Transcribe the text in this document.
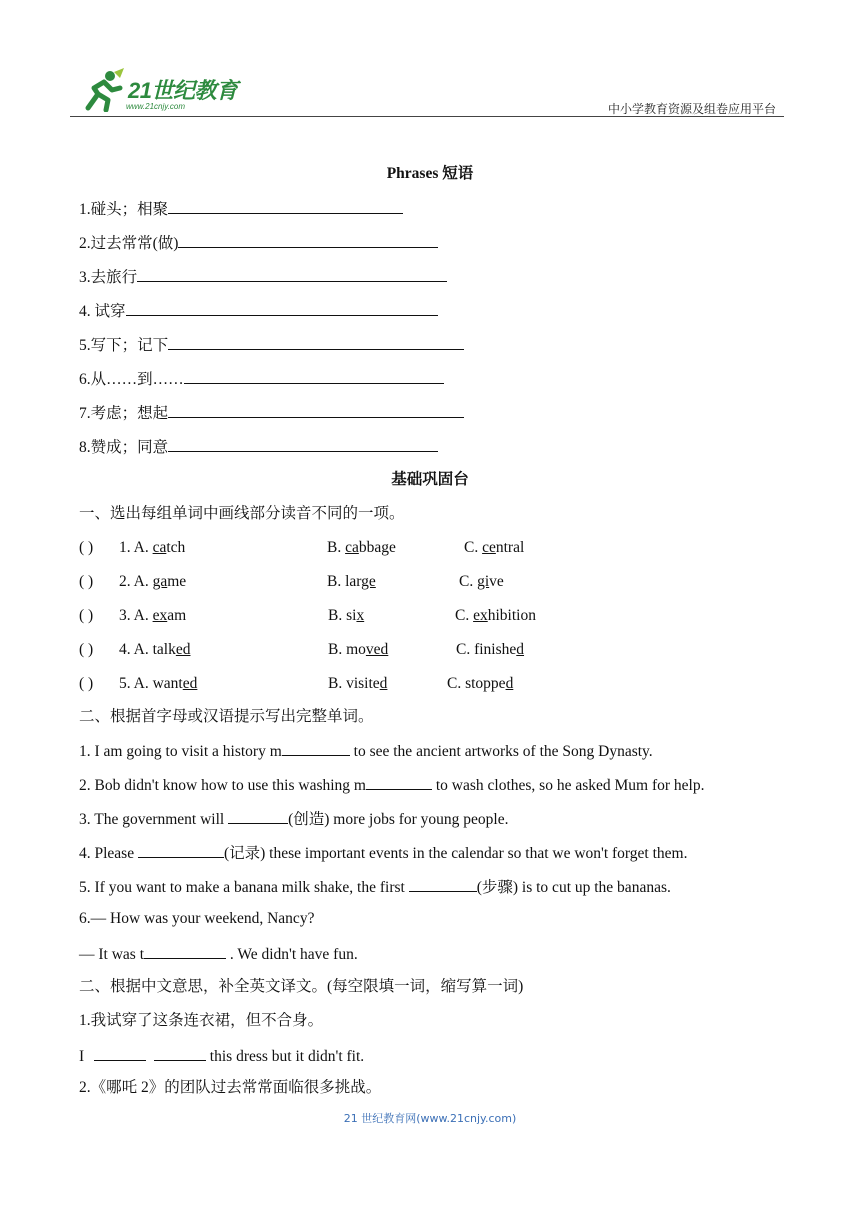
21世纪教育
www.21cnjy.com	中小学教育资源及组卷应用平台
Phrases 短语
1.碰头；相聚
2.过去常常(做)
3.去旅行
4. 试穿
5.写下；记下
6.从……到……
7.考虑；想起
8.赞成；同意
基础巩固台
一、选出每组单词中画线部分读音不同的一项。
( ) 1. A. catch	B. cabbage	C. central
( ) 2. A. game	B. large	C. give
( ) 3. A. exam	B. six	C. exhibition
( ) 4. A. talked	B. moved	C. finished
( ) 5. A. wanted	B. visited	C. stopped
二、根据首字母或汉语提示写出完整单词。
1. I am going to visit a history m	to see the ancient artworks of the Song Dynasty.
2. Bob didn't know how to use this washing m	to wash clothes, so he asked Mum for help.
3. The government will	(创造) more jobs for young people.
4. Please	(记录) these important events in the calendar so that we won't forget them.
5. If you want to make a banana milk shake, the first	(步骤) is to cut up the bananas.
6.— How was your weekend, Nancy?
— It was t	. We didn't have fun.
二、根据中文意思，补全英文译文。(每空限填一词，缩写算一词)
1.我试穿了这条连衣裙，但不合身。
I	this dress but it didn't fit.
2.《哪吒 2》的团队过去常常面临很多挑战。
21 世纪教育网(www.21cnjy.com)
